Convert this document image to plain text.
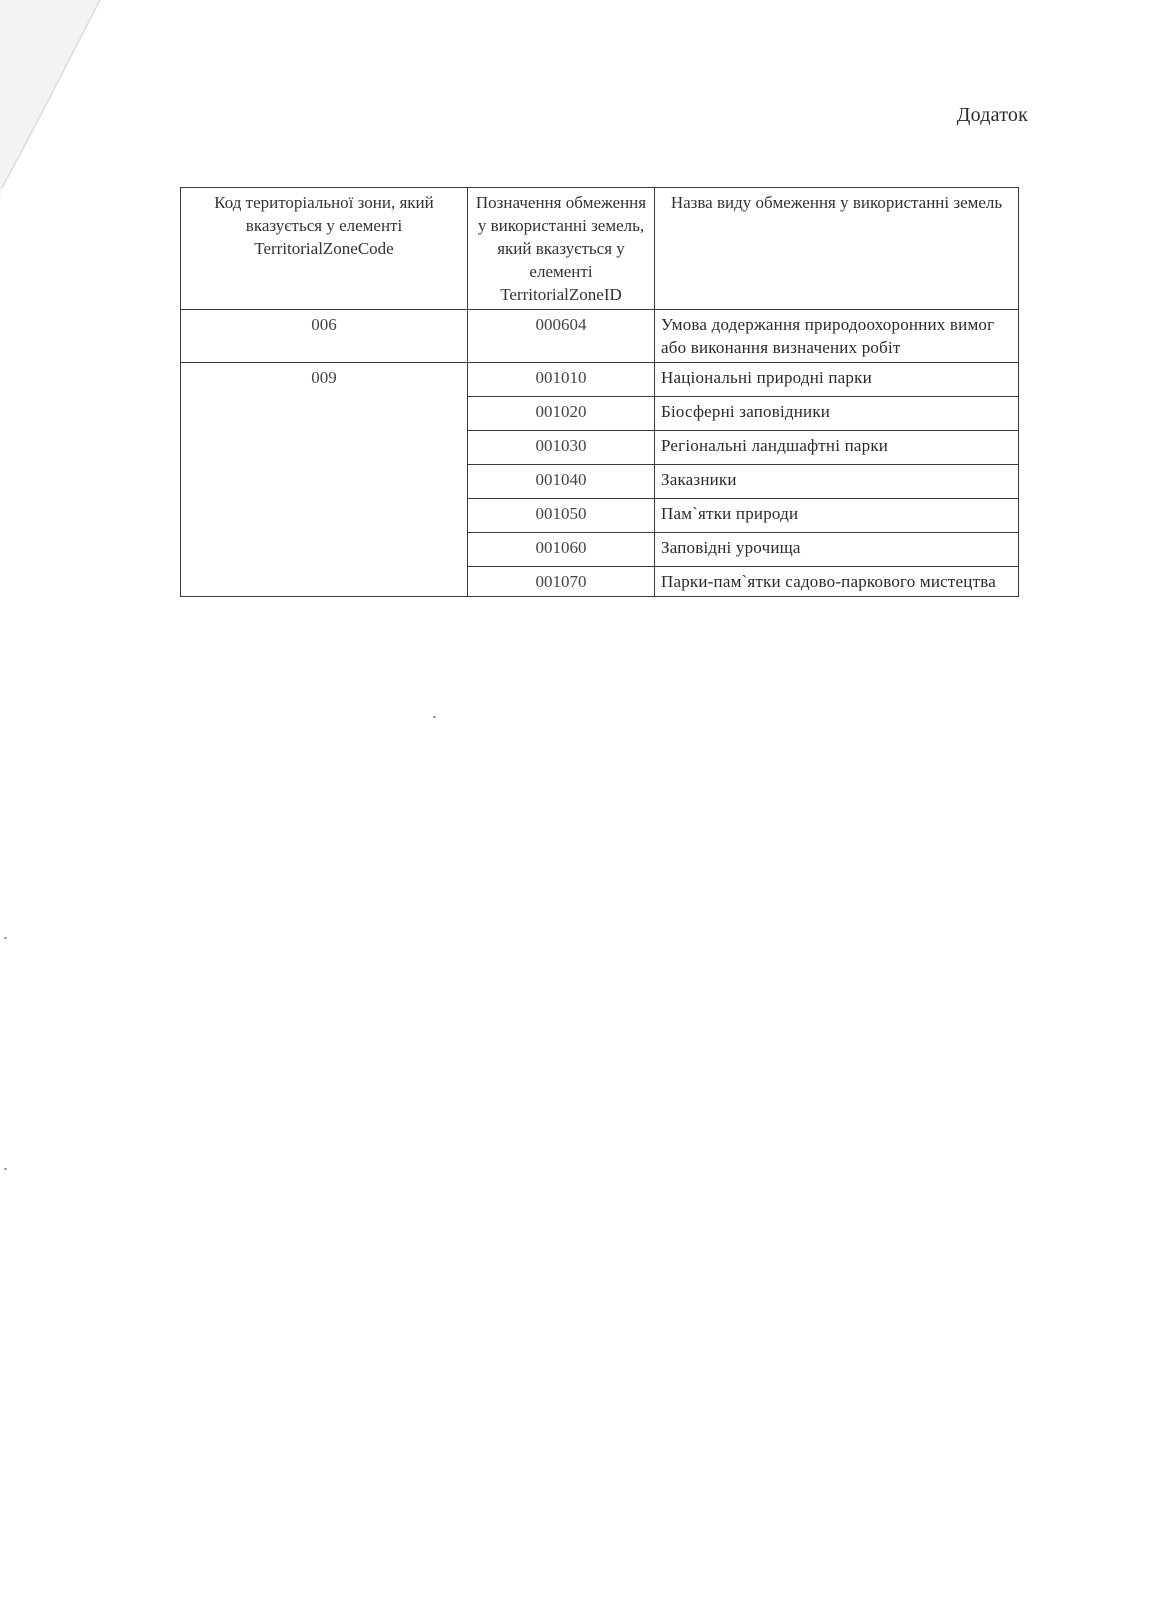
Додаток
Код територіальної зони, який вказується у елементі TerritorialZoneCode	Позначення обмеження у використанні земель, який вказується у елементі TerritorialZoneID	Назва виду обмеження у використанні земель
006	000604	Умова додержання природоохоронних вимог або виконання визначених робіт
009	001010	Національні природні парки
	001020	Біосферні заповідники
	001030	Регіональні ландшафтні парки
	001040	Заказники
	001050	Пам`ятки природи
	001060	Заповідні урочища
	001070	Парки-пам`ятки садово-паркового мистецтва
